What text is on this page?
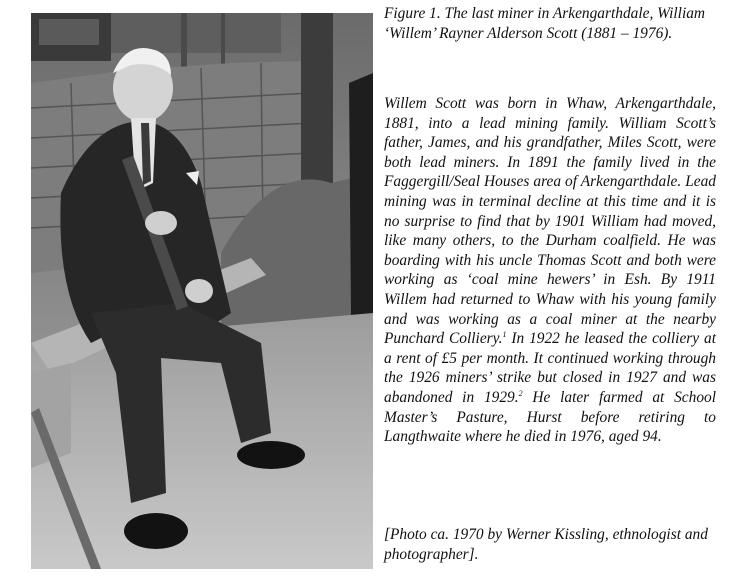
Figure 1. The last miner in Arkengarthdale, William ‘Willem’ Rayner Alderson Scott (1881 – 1976).
Willem Scott was born in Whaw, Arkengarthdale, 1881, into a lead mining family. William Scott’s father, James, and his grandfather, Miles Scott, were both lead miners. In 1891 the family lived in the Faggergill/Seal Houses area of Arkengarthdale. Lead mining was in terminal decline at this time and it is no surprise to find that by 1901 William had moved, like many others, to the Durham coalfield. He was boarding with his uncle Thomas Scott and both were working as ‘coal mine hewers’ in Esh. By 1911 Willem had returned to Whaw with his young family and was working as a coal miner at the nearby Punchard Colliery.$^1$ In 1922 he leased the colliery at a rent of £5 per month. It continued working through the 1926 miners’ strike but closed in 1927 and was abandoned in 1929.$^2$ He later farmed at School Master’s Pasture, Hurst before retiring to Langthwaite where he died in 1976, aged 94.
[Photo ca. 1970 by Werner Kissling, ethnologist and photographer].
